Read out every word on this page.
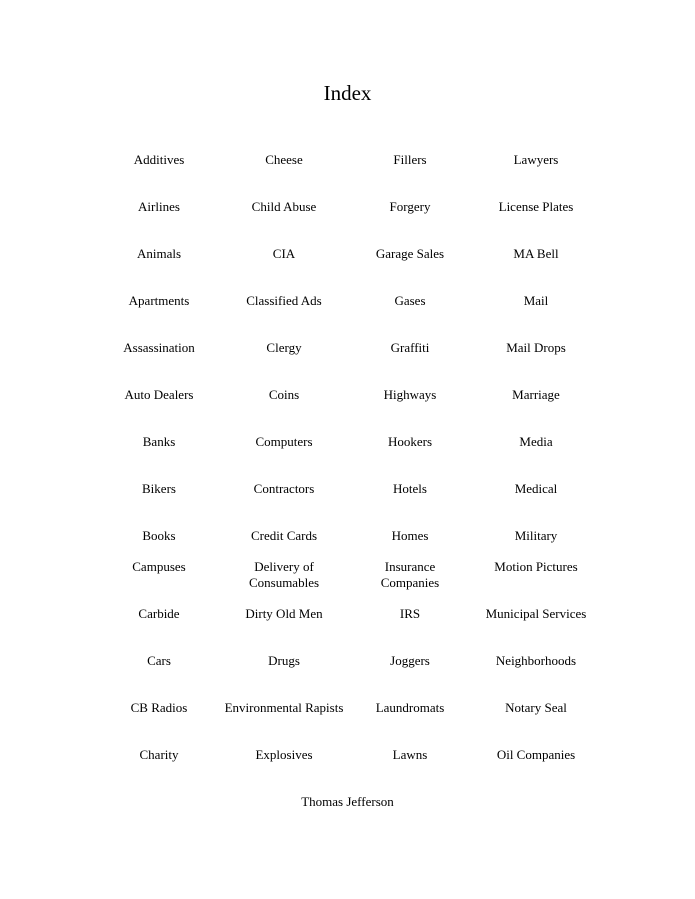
Index
Additives
Airlines
Animals
Apartments
Assassination
Auto Dealers
Banks
Bikers
Books
Campuses
Carbide
Cars
CB Radios
Charity
Cheese
Child Abuse
CIA
Classified Ads
Clergy
Coins
Computers
Contractors
Credit Cards
Delivery of Consumables
Dirty Old Men
Drugs
Environmental Rapists
Explosives
Fillers
Forgery
Garage Sales
Gases
Graffiti
Highways
Hookers
Hotels
Homes
Insurance Companies
IRS
Joggers
Laundromats
Lawns
Lawyers
License Plates
MA Bell
Mail
Mail Drops
Marriage
Media
Medical
Military
Motion Pictures
Municipal Services
Neighborhoods
Notary Seal
Oil Companies
Thomas Jefferson
